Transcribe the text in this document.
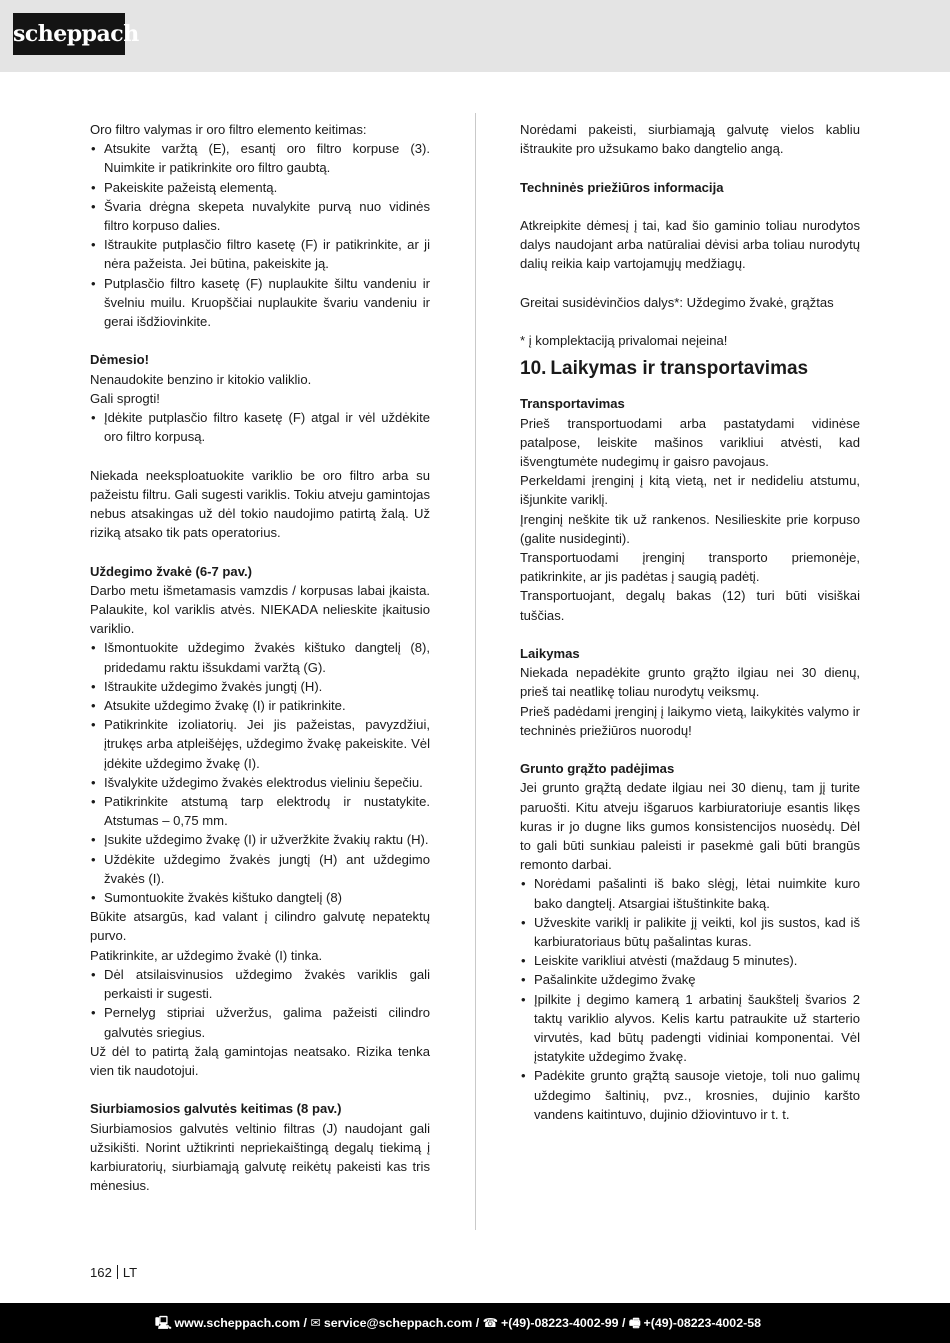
scheppach

Oro filtro valymas ir oro filtro elemento keitimas:

• Atsukite varžtą (E), esantį oro filtro korpuse (3). Nuimkite ir patikrinkite oro filtro gaubtą.
• Pakeiskite pažeistą elementą.
• Švaria drėgna skepeta nuvalykite purvą nuo vidinės filtro korpuso dalies.
• Ištraukite putplasčio filtro kasetę (F) ir patikrinkite, ar ji nėra pažeista. Jei būtina, pakeiskite ją.
• Putplasčio filtro kasetę (F) nuplaukite šiltu vandeniu ir švelniu muilu. Kruopščiai nuplaukite švariu vandeniu ir gerai išdžiovinkite.

Dėmesio!

Nenaudokite benzino ir kitokio valiklio.

Gali sprogti!

• Įdėkite putplasčio filtro kasetę (F) atgal ir vėl uždėkite oro filtro korpusą.

Niekada neeksploatuokite variklio be oro filtro arba su pažeistu filtru. Gali sugesti variklis. Tokiu atveju gamintojas nebus atsakingas už dėl tokio naudojimo patirtą žalą. Už riziką atsako tik pats operatorius.

Uždegimo žvakė (6-7 pav.)

Darbo metu išmetamasis vamzdis / korpusas labai įkaista. Palaukite, kol variklis atvės. NIEKADA nelieskite įkaitusio variklio.

• Išmontuokite uždegimo žvakės kištuko dangtelį (8), pridedamu raktu išsukdami varžtą (G).
• Ištraukite uždegimo žvakės jungtį (H).
• Atsukite uždegimo žvakę (I) ir patikrinkite.
• Patikrinkite izoliatorių. Jei jis pažeistas, pavyzdžiui, įtrukęs arba atpleišėjęs, uždegimo žvakę pakeiskite. Vėl įdėkite uždegimo žvakę (I).
• Išvalykite uždegimo žvakės elektrodus vieliniu šepečiu.
• Patikrinkite atstumą tarp elektrodų ir nustatykite. Atstumas – 0,75 mm.
• Įsukite uždegimo žvakę (I) ir užveržkite žvakių raktu (H).
• Uždėkite uždegimo žvakės jungtį (H) ant uždegimo žvakės (I).
• Sumontuokite žvakės kištuko dangtelį (8)

Būkite atsargūs, kad valant į cilindro galvutę nepatektų purvo.

Patikrinkite, ar uždegimo žvakė (I) tinka.

• Dėl atsilaisvinusios uždegimo žvakės variklis gali perkaisti ir sugesti.
• Pernelyg stipriai užveržus, galima pažeisti cilindro galvutės sriegius.

Už dėl to patirtą žalą gamintojas neatsako. Rizika tenka vien tik naudotojui.

Siurbiamosios galvutės keitimas (8 pav.)

Siurbiamosios galvutės veltinio filtras (J) naudojant gali užsikišti. Norint užtikrinti nepriekaištingą degalų tiekimą į karbiuratorių, siurbiamąją galvutę reikėtų pakeisti kas tris mėnesius.

Norėdami pakeisti, siurbiamąją galvutę vielos kabliu ištraukite pro užsukamo bako dangtelio angą.

Techninės priežiūros informacija

Atkreipkite dėmesį į tai, kad šio gaminio toliau nurodytos dalys naudojant arba natūraliai dėvisi arba toliau nurodytų dalių reikia kaip vartojamųjų medžiagų.

Greitai susidėvinčios dalys*: Uždegimo žvakė, grąžtas

* į komplektaciją privalomai neįeina!

10. Laikymas ir transportavimas

Transportavimas

Prieš transportuodami arba pastatydami vidinėse patalpose, leiskite mašinos varikliui atvėsti, kad išvengtumėte nudegimų ir gaisro pavojaus.

Perkeldami įrenginį į kitą vietą, net ir nedideliu atstumu, išjunkite variklį.

Įrenginį neškite tik už rankenos. Nesilieskite prie korpuso (galite nusideginti).

Transportuodami įrenginį transporto priemonėje, patikrinkite, ar jis padėtas į saugią padėtį.

Transportuojant, degalų bakas (12) turi būti visiškai tuščias.

Laikymas

Niekada nepadėkite grunto grąžto ilgiau nei 30 dienų, prieš tai neatlikę toliau nurodytų veiksmų.

Prieš padėdami įrenginį į laikymo vietą, laikykitės valymo ir techninės priežiūros nuorodų!

Grunto grąžto padėjimas

Jei grunto grąžtą dedate ilgiau nei 30 dienų, tam jį turite paruošti. Kitu atveju išgaruos karbiuratoriuje esantis likęs kuras ir jo dugne liks gumos konsistencijos nuosėdų. Dėl to gali būti sunkiau paleisti ir pasekmė gali būti brangūs remonto darbai.

• Norėdami pašalinti iš bako slėgį, lėtai nuimkite kuro bako dangtelį. Atsargiai ištuštinkite baką.
• Užveskite variklį ir palikite jį veikti, kol jis sustos, kad iš karbiuratoriaus būtų pašalintas kuras.
• Leiskite varikliui atvėsti (maždaug 5 minutes).
• Pašalinkite uždegimo žvakę
• Įpilkite į degimo kamerą 1 arbatinį šaukštelį švarios 2 taktų variklio alyvos. Kelis kartu patraukite už starterio virvutės, kad būtų padengti vidiniai komponentai. Vėl įstatykite uždegimo žvakę.
• Padėkite grunto grąžtą sausoje vietoje, toli nuo galimų uždegimo šaltinių, pvz., krosnies, dujinio karšto vandens kaitintuvo, dujinio džiovintuvo ir t. t.
162 LT
🖳 www.scheppach.com / ✉ service@scheppach.com / ☎ +(49)-08223-4002-99 / 🖷 +(49)-08223-4002-58
